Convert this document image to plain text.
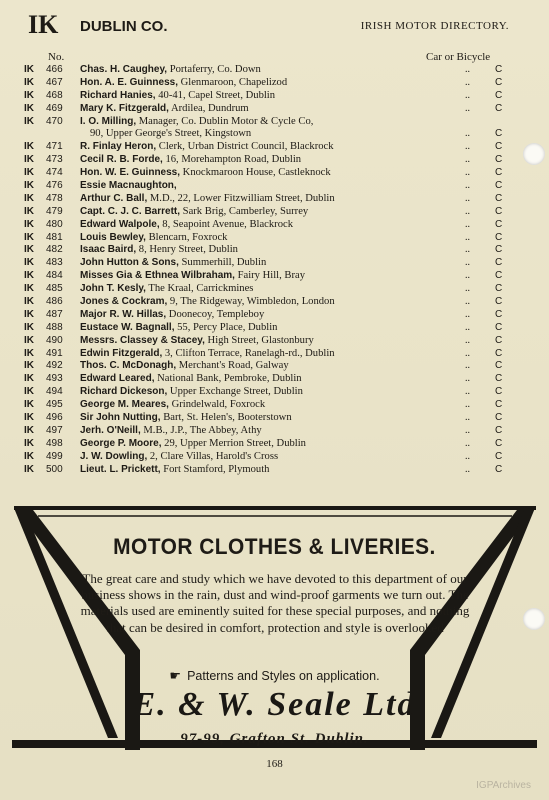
IK DUBLIN CO.	IRISH MOTOR DIRECTORY.
No.	Car or Bicycle
IK	466	Chas. H. Caughey, Portaferry, Co. Down	..	C
IK	467	Hon. A. E. Guinness, Glenmaroon, Chapelizod	..	C
IK	468	Richard Hanies, 40-41, Capel Street, Dublin	..	C
IK	469	Mary K. Fitzgerald, Ardilea, Dundrum	..	C
IK	470	I. O. Milling, Manager, Co. Dublin Motor & Cycle Co,
90, Upper George's Street, Kingstown	..	C
IK	471	R. Finlay Heron, Clerk, Urban District Council, Blackrock	..	C
IK	473	Cecil R. B. Forde, 16, Morehampton Road, Dublin	..	C
IK	474	Hon. W. E. Guinness, Knockmaroon House, Castleknock	..	C
IK	476	Essie Macnaughton,	..	C
IK	478	Arthur C. Ball, M.D., 22, Lower Fitzwilliam Street, Dublin	..	C
IK	479	Capt. C. J. C. Barrett, Sark Brig, Camberley, Surrey	..	C
IK	480	Edward Walpole, 8, Seapoint Avenue, Blackrock	..	C
IK	481	Louis Bewley, Blencarn, Foxrock	..	C
IK	482	Isaac Baird, 8, Henry Street, Dublin	..	C
IK	483	John Hutton & Sons, Summerhill, Dublin	..	C
IK	484	Misses Gia & Ethnea Wilbraham, Fairy Hill, Bray	..	C
IK	485	John T. Kesly, The Kraal, Carrickmines	..	C
IK	486	Jones & Cockram, 9, The Ridgeway, Wimbledon, London	..	C
IK	487	Major R. W. Hillas, Doonecoy, Templeboy	..	C
IK	488	Eustace W. Bagnall, 55, Percy Place, Dublin	..	C
IK	490	Messrs. Classey & Stacey, High Street, Glastonbury	..	C
IK	491	Edwin Fitzgerald, 3, Clifton Terrace, Ranelagh-rd., Dublin	..	C
IK	492	Thos. C. McDonagh, Merchant's Road, Galway	..	C
IK	493	Edward Leared, National Bank, Pembroke, Dublin	..	C
IK	494	Richard Dickeson, Upper Exchange Street, Dublin	..	C
IK	495	George M. Meares, Grindelwald, Foxrock	..	C
IK	496	Sir John Nutting, Bart, St. Helen's, Booterstown	..	C
IK	497	Jerh. O'Neill, M.B., J.P., The Abbey, Athy	..	C
IK	498	George P. Moore, 29, Upper Merrion Street, Dublin	..	C
IK	499	J. W. Dowling, 2, Clare Villas, Harold's Cross	..	C
IK	500	Lieut. L. Prickett, Fort Stamford, Plymouth	..	C
MOTOR CLOTHES & LIVERIES.
The great care and study which we have devoted to this department of our business shows in the rain, dust and wind-proof garments we turn out. The materials used are eminently suited for these special purposes, and nothing that can be desired in comfort, protection and style is overlooked
☛ Patterns and Styles on application.
E. & W. Seale Ltd
97-99, Grafton St. Dublin.
168
IGPArchives
